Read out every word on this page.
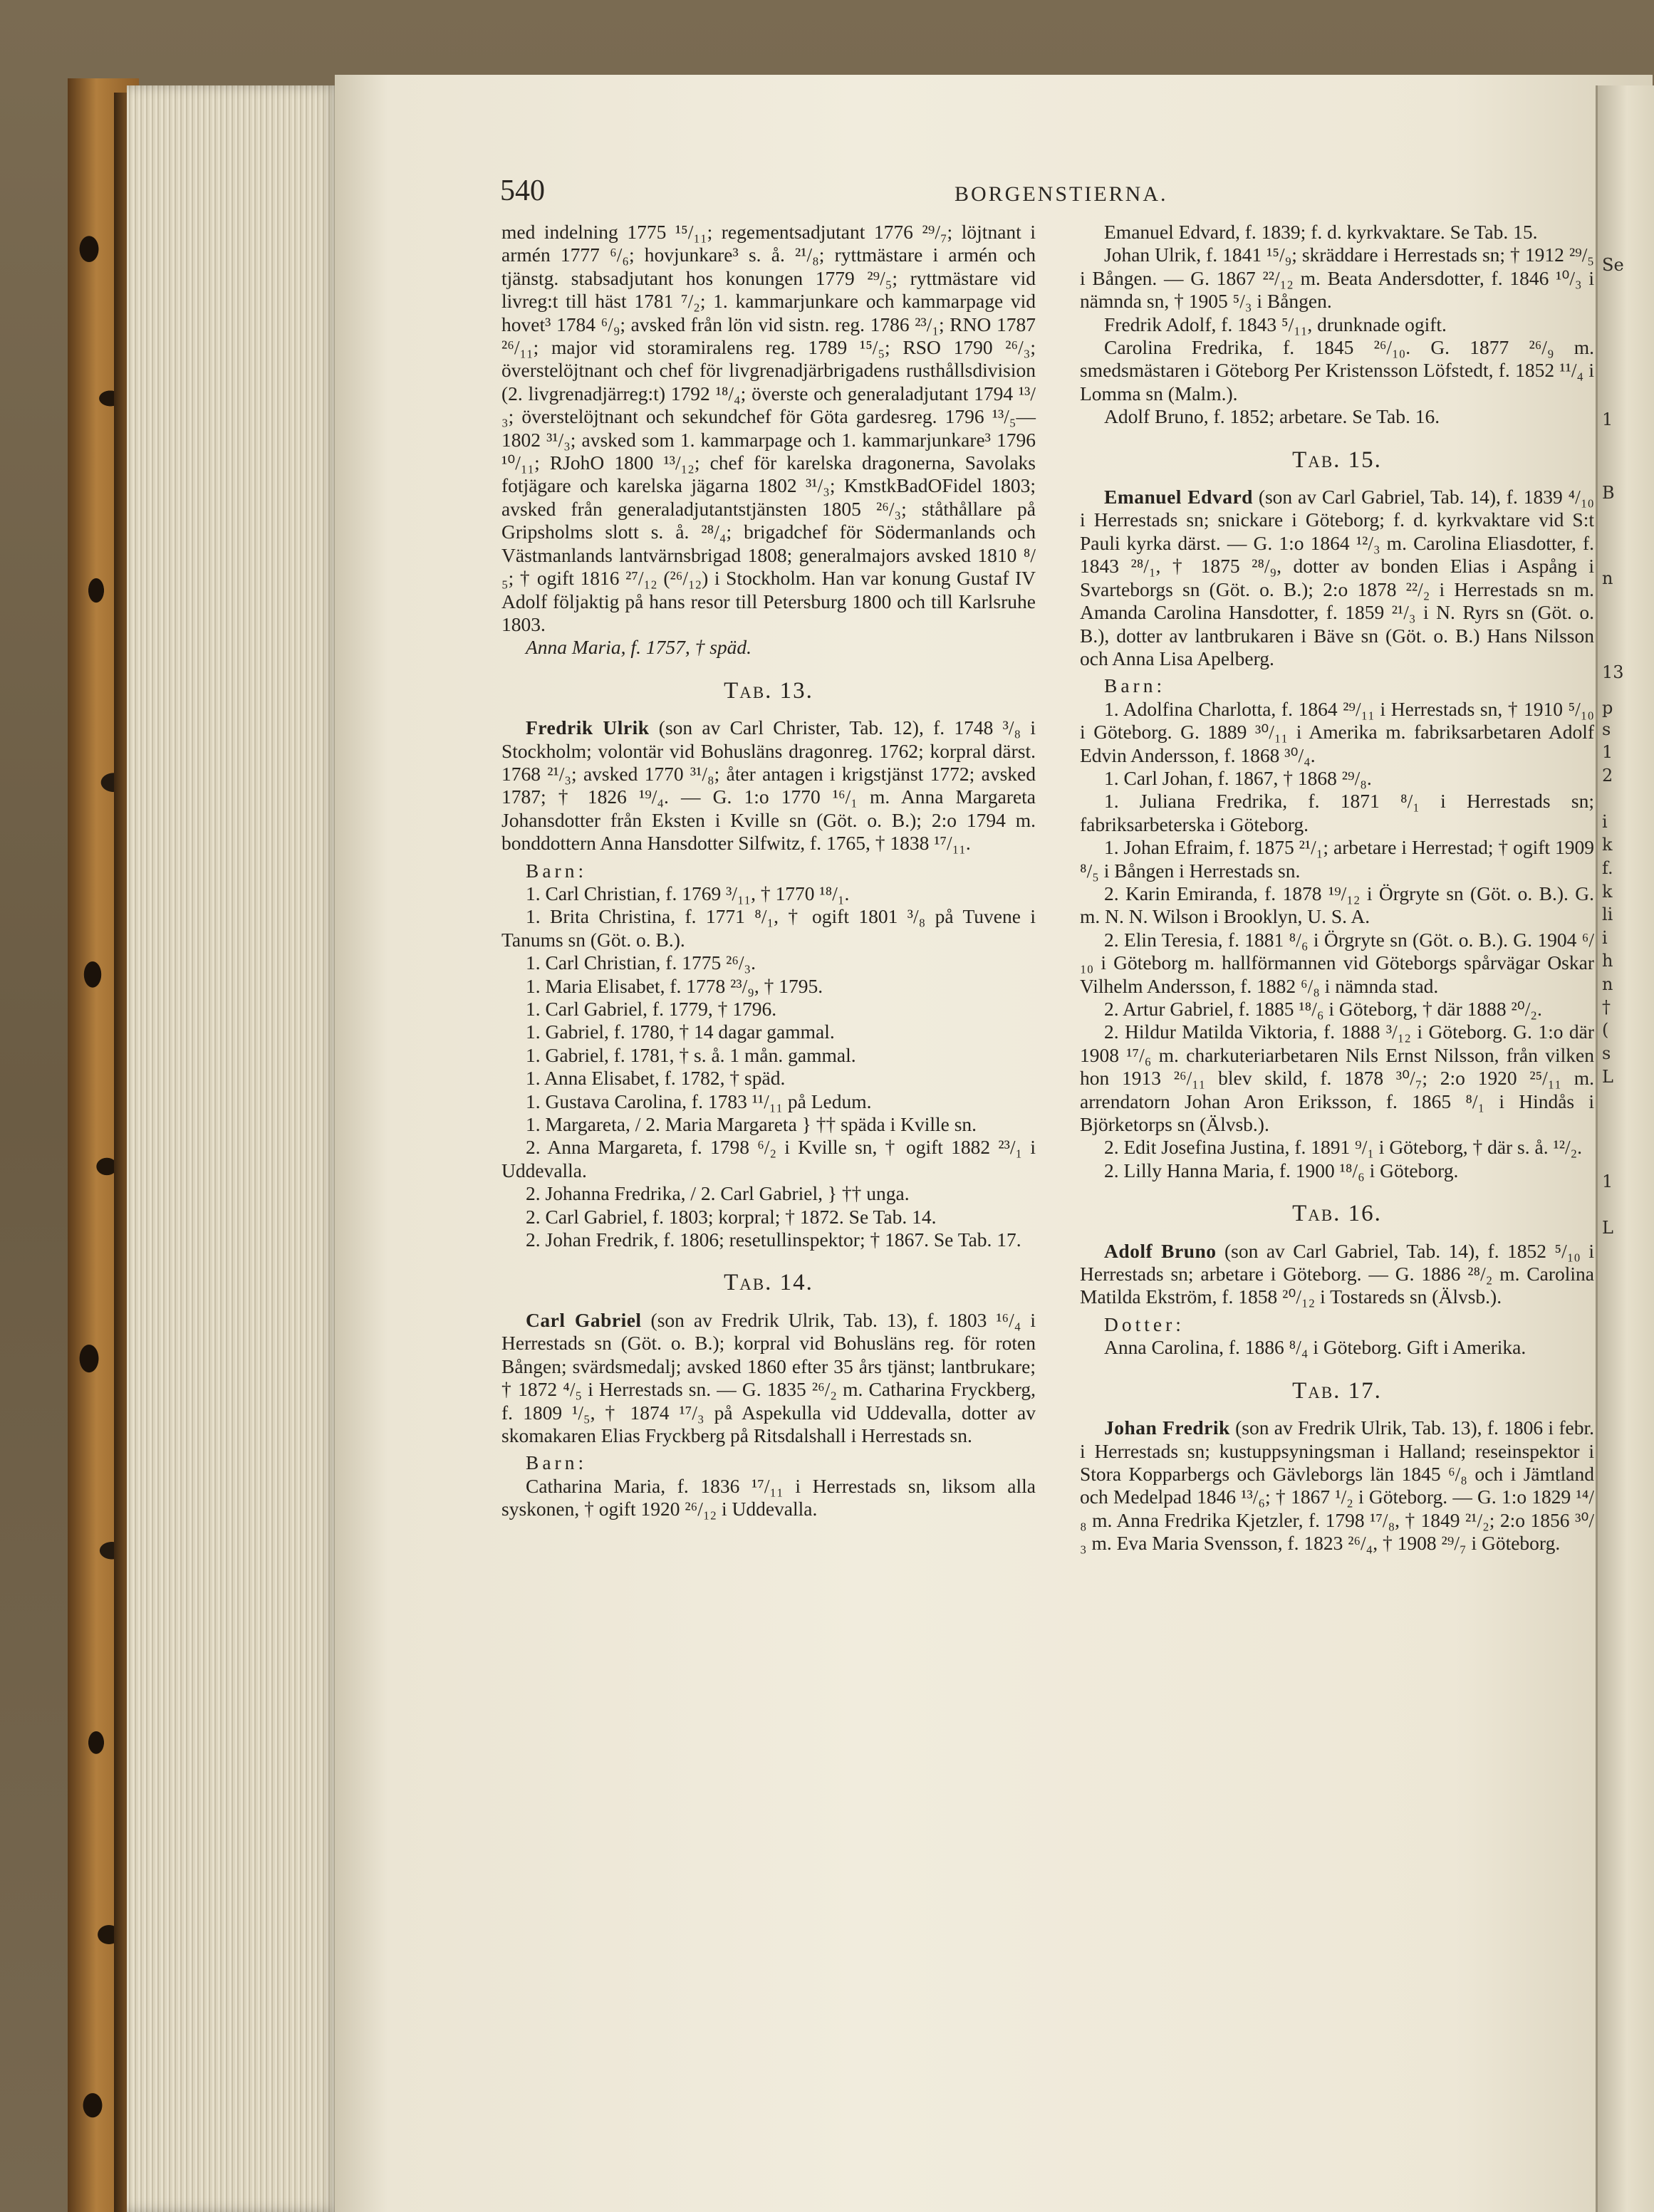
Se
1
B
n
13
p
s
1
2
i
k
f.
k
li
i
h
n
†
(
s
L
1
L
540	BORGENSTIERNA.

med indelning 1775 ¹⁵/₁₁; regementsadjutant 1776 ²⁹/₇; löjtnant i armén 1777 ⁶/₆; hovjunkare³ s. å. ²¹/₈; ryttmästare i armén och tjänstg. stabsadjutant hos konungen 1779 ²⁹/₅; ryttmästare vid livreg:t till häst 1781 ⁷/₂; 1. kammarjunkare och kammarpage vid hovet³ 1784 ⁶/₉; avsked från lön vid sistn. reg. 1786 ²³/₁; RNO 1787 ²⁶/₁₁; major vid storamiralens reg. 1789 ¹⁵/₅; RSO 1790 ²⁶/₃; överstelöjtnant och chef för livgrenadjärbrigadens rusthållsdivision (2. livgrenadjärreg:t) 1792 ¹⁸/₄; överste och generaladjutant 1794 ¹³/₃; överstelöjtnant och sekundchef för Göta gardesreg. 1796 ¹³/₅—1802 ³¹/₃; avsked som 1. kammarpage och 1. kammarjunkare³ 1796 ¹⁰/₁₁; RJohO 1800 ¹³/₁₂; chef för karelska dragonerna, Savolaks fotjägare och karelska jägarna 1802 ³¹/₃; KmstkBadOFidel 1803; avsked från generaladjutantstjänsten 1805 ²⁶/₃; ståthållare på Gripsholms slott s. å. ²⁸/₄; brigadchef för Södermanlands och Västmanlands lantvärnsbrigad 1808; generalmajors avsked 1810 ⁸/₅; † ogift 1816 ²⁷/₁₂ (²⁶/₁₂) i Stockholm. Han var konung Gustaf IV Adolf följaktig på hans resor till Petersburg 1800 och till Karlsruhe 1803.

Anna Maria, f. 1757, † späd.

Tab. 13.

Fredrik Ulrik (son av Carl Christer, Tab. 12), f. 1748 ³/₈ i Stockholm; volontär vid Bohusläns dragonreg. 1762; korpral därst. 1768 ²¹/₃; avsked 1770 ³¹/₈; åter antagen i krigstjänst 1772; avsked 1787; † 1826 ¹⁹/₄. — G. 1:o 1770 ¹⁶/₁ m. Anna Margareta Johansdotter från Eksten i Kville sn (Göt. o. B.); 2:o 1794 m. bonddottern Anna Hansdotter Silfwitz, f. 1765, † 1838 ¹⁷/₁₁.

Barn:

1. Carl Christian, f. 1769 ³/₁₁, † 1770 ¹⁸/₁.

1. Brita Christina, f. 1771 ⁸/₁, † ogift 1801 ³/₈ på Tuvene i Tanums sn (Göt. o. B.).

1. Carl Christian, f. 1775 ²⁶/₃.

1. Maria Elisabet, f. 1778 ²³/₉, † 1795.

1. Carl Gabriel, f. 1779, † 1796.

1. Gabriel, f. 1780, † 14 dagar gammal.

1. Gabriel, f. 1781, † s. å. 1 mån. gammal.

1. Anna Elisabet, f. 1782, † späd.

1. Gustava Carolina, f. 1783 ¹¹/₁₁ på Ledum.

1. Margareta, / 2. Maria Margareta } †† späda i Kville sn.

2. Anna Margareta, f. 1798 ⁶/₂ i Kville sn, † ogift 1882 ²³/₁ i Uddevalla.

2. Johanna Fredrika, / 2. Carl Gabriel, } †† unga.

2. Carl Gabriel, f. 1803; korpral; † 1872. Se Tab. 14.

2. Johan Fredrik, f. 1806; resetullinspektor; † 1867. Se Tab. 17.

Tab. 14.

Carl Gabriel (son av Fredrik Ulrik, Tab. 13), f. 1803 ¹⁶/₄ i Herrestads sn (Göt. o. B.); korpral vid Bohusläns reg. för roten Bången; svärdsmedalj; avsked 1860 efter 35 års tjänst; lantbrukare; † 1872 ⁴/₅ i Herrestads sn. — G. 1835 ²⁶/₂ m. Catharina Fryckberg, f. 1809 ¹/₅, † 1874 ¹⁷/₃ på Aspekulla vid Uddevalla, dotter av skomakaren Elias Fryckberg på Ritsdalshall i Herrestads sn.

Barn:

Catharina Maria, f. 1836 ¹⁷/₁₁ i Herrestads sn, liksom alla syskonen, † ogift 1920 ²⁶/₁₂ i Uddevalla.

Emanuel Edvard, f. 1839; f. d. kyrkvaktare. Se Tab. 15.

Johan Ulrik, f. 1841 ¹⁵/₉; skräddare i Herrestads sn; † 1912 ²⁹/₅ i Bången. — G. 1867 ²²/₁₂ m. Beata Andersdotter, f. 1846 ¹⁰/₃ i nämnda sn, † 1905 ⁵/₃ i Bången.

Fredrik Adolf, f. 1843 ⁵/₁₁, drunknade ogift.

Carolina Fredrika, f. 1845 ²⁶/₁₀. G. 1877 ²⁶/₉ m. smedsmästaren i Göteborg Per Kristensson Löfstedt, f. 1852 ¹¹/₄ i Lomma sn (Malm.).

Adolf Bruno, f. 1852; arbetare. Se Tab. 16.

Tab. 15.

Emanuel Edvard (son av Carl Gabriel, Tab. 14), f. 1839 ⁴/₁₀ i Herrestads sn; snickare i Göteborg; f. d. kyrkvaktare vid S:t Pauli kyrka därst. — G. 1:o 1864 ¹²/₃ m. Carolina Eliasdotter, f. 1843 ²⁸/₁, † 1875 ²⁸/₉, dotter av bonden Elias i Aspång i Svarteborgs sn (Göt. o. B.); 2:o 1878 ²²/₂ i Herrestads sn m. Amanda Carolina Hansdotter, f. 1859 ²¹/₃ i N. Ryrs sn (Göt. o. B.), dotter av lantbrukaren i Bäve sn (Göt. o. B.) Hans Nilsson och Anna Lisa Apelberg.

Barn:

1. Adolfina Charlotta, f. 1864 ²⁹/₁₁ i Herrestads sn, † 1910 ⁵/₁₀ i Göteborg. G. 1889 ³⁰/₁₁ i Amerika m. fabriksarbetaren Adolf Edvin Andersson, f. 1868 ³⁰/₄.

1. Carl Johan, f. 1867, † 1868 ²⁹/₈.

1. Juliana Fredrika, f. 1871 ⁸/₁ i Herrestads sn; fabriksarbeterska i Göteborg.

1. Johan Efraim, f. 1875 ²¹/₁; arbetare i Herrestad; † ogift 1909 ⁸/₅ i Bången i Herrestads sn.

2. Karin Emiranda, f. 1878 ¹⁹/₁₂ i Örgryte sn (Göt. o. B.). G. m. N. N. Wilson i Brooklyn, U. S. A.

2. Elin Teresia, f. 1881 ⁸/₆ i Örgryte sn (Göt. o. B.). G. 1904 ⁶/₁₀ i Göteborg m. hallförmannen vid Göteborgs spårvägar Oskar Vilhelm Andersson, f. 1882 ⁶/₈ i nämnda stad.

2. Artur Gabriel, f. 1885 ¹⁸/₆ i Göteborg, † där 1888 ²⁰/₂.

2. Hildur Matilda Viktoria, f. 1888 ³/₁₂ i Göteborg. G. 1:o där 1908 ¹⁷/₆ m. charkuteriarbetaren Nils Ernst Nilsson, från vilken hon 1913 ²⁶/₁₁ blev skild, f. 1878 ³⁰/₇; 2:o 1920 ²⁵/₁₁ m. arrendatorn Johan Aron Eriksson, f. 1865 ⁸/₁ i Hindås i Björketorps sn (Älvsb.).

2. Edit Josefina Justina, f. 1891 ⁹/₁ i Göteborg, † där s. å. ¹²/₂.

2. Lilly Hanna Maria, f. 1900 ¹⁸/₆ i Göteborg.

Tab. 16.

Adolf Bruno (son av Carl Gabriel, Tab. 14), f. 1852 ⁵/₁₀ i Herrestads sn; arbetare i Göteborg. — G. 1886 ²⁸/₂ m. Carolina Matilda Ekström, f. 1858 ²⁰/₁₂ i Tostareds sn (Älvsb.).

Dotter:

Anna Carolina, f. 1886 ⁸/₄ i Göteborg. Gift i Amerika.

Tab. 17.

Johan Fredrik (son av Fredrik Ulrik, Tab. 13), f. 1806 i febr. i Herrestads sn; kustuppsyningsman i Halland; reseinspektor i Stora Kopparbergs och Gävleborgs län 1845 ⁶/₈ och i Jämtland och Medelpad 1846 ¹³/₆; † 1867 ¹/₂ i Göteborg. — G. 1:o 1829 ¹⁴/₈ m. Anna Fredrika Kjetzler, f. 1798 ¹⁷/₈, † 1849 ²¹/₂; 2:o 1856 ³⁰/₃ m. Eva Maria Svensson, f. 1823 ²⁶/₄, † 1908 ²⁹/₇ i Göteborg.
